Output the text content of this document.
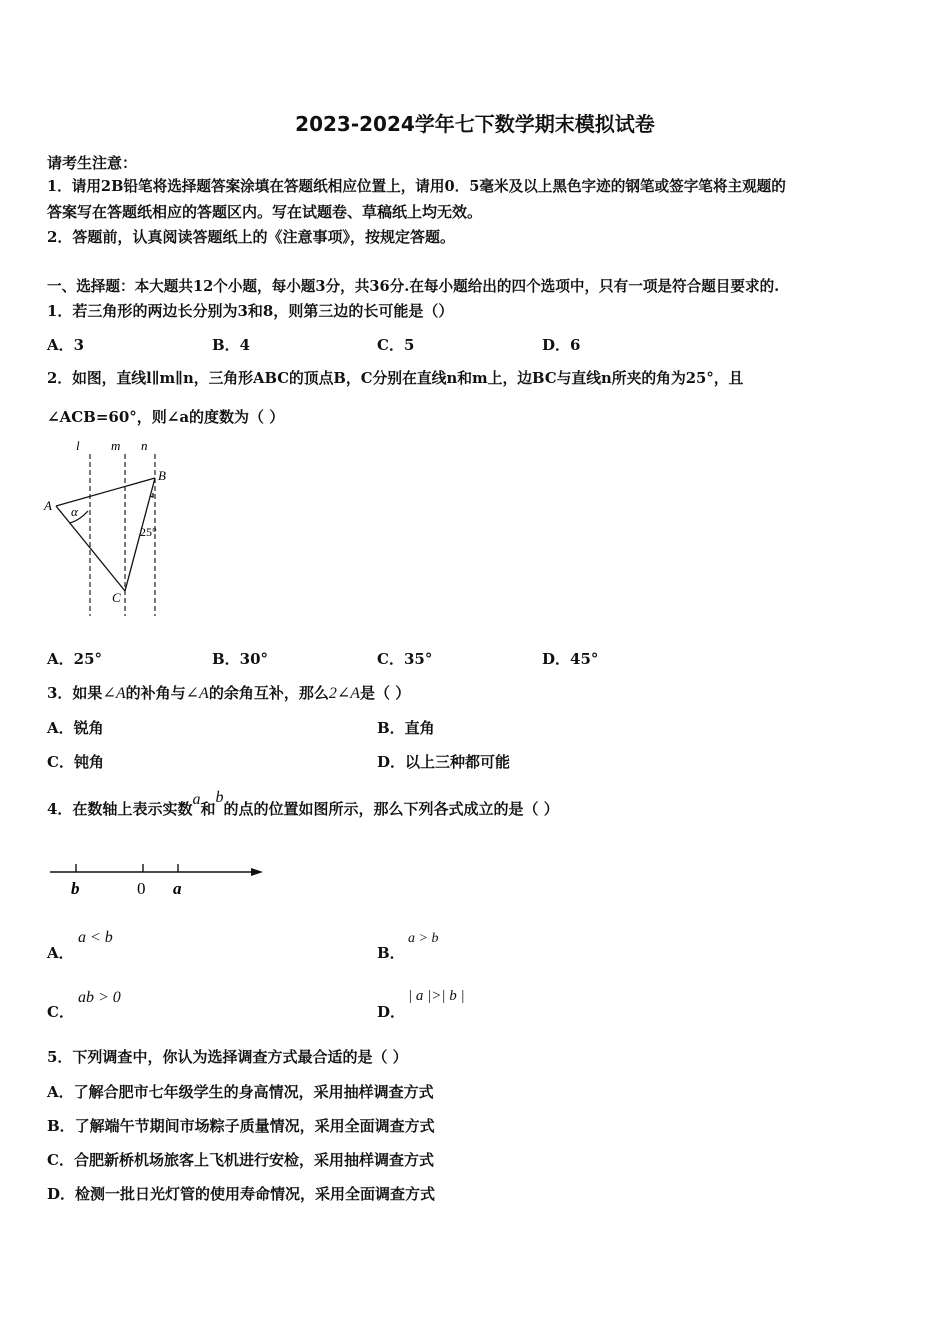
2023-2024学年七下数学期末模拟试卷
请考生注意：
1．请用2B铅笔将选择题答案涂填在答题纸相应位置上，请用0．5毫米及以上黑色字迹的钢笔或签字笔将主观题的
答案写在答题纸相应的答题区内。写在试题卷、草稿纸上均无效。
2．答题前，认真阅读答题纸上的《注意事项》，按规定答题。
一、选择题：本大题共12个小题，每小题3分，共36分.在每小题给出的四个选项中，只有一项是符合题目要求的.
1．若三角形的两边长分别为3和8，则第三边的长可能是（）
A．3	B．4	C．5	D．6
2．如图，直线l∥m∥n，三角形ABC的顶点B，C分别在直线n和m上，边BC与直线n所夹的角为25°，且
∠ACB=60°，则∠a的度数为（ ）
l m n
A
B
C
α
25°
A．25°	B．30°	C．35°	D．45°
3．如果∠A的补角与∠A的余角互补，那么2∠A是（ ）
A．锐角	B．直角
C．钝角	D．以上三种都可能
4．在数轴上表示实数a和b的点的位置如图所示，那么下列各式成立的是（ ）
b	0 a
A．
a < b
B．
a > b
C．
ab > 0
D．
| a |>| b |
5．下列调查中，你认为选择调查方式最合适的是（ ）
A．了解合肥市七年级学生的身高情况，采用抽样调查方式
B．了解端午节期间市场粽子质量情况，采用全面调查方式
C．合肥新桥机场旅客上飞机进行安检，采用抽样调查方式
D．检测一批日光灯管的使用寿命情况，采用全面调查方式
